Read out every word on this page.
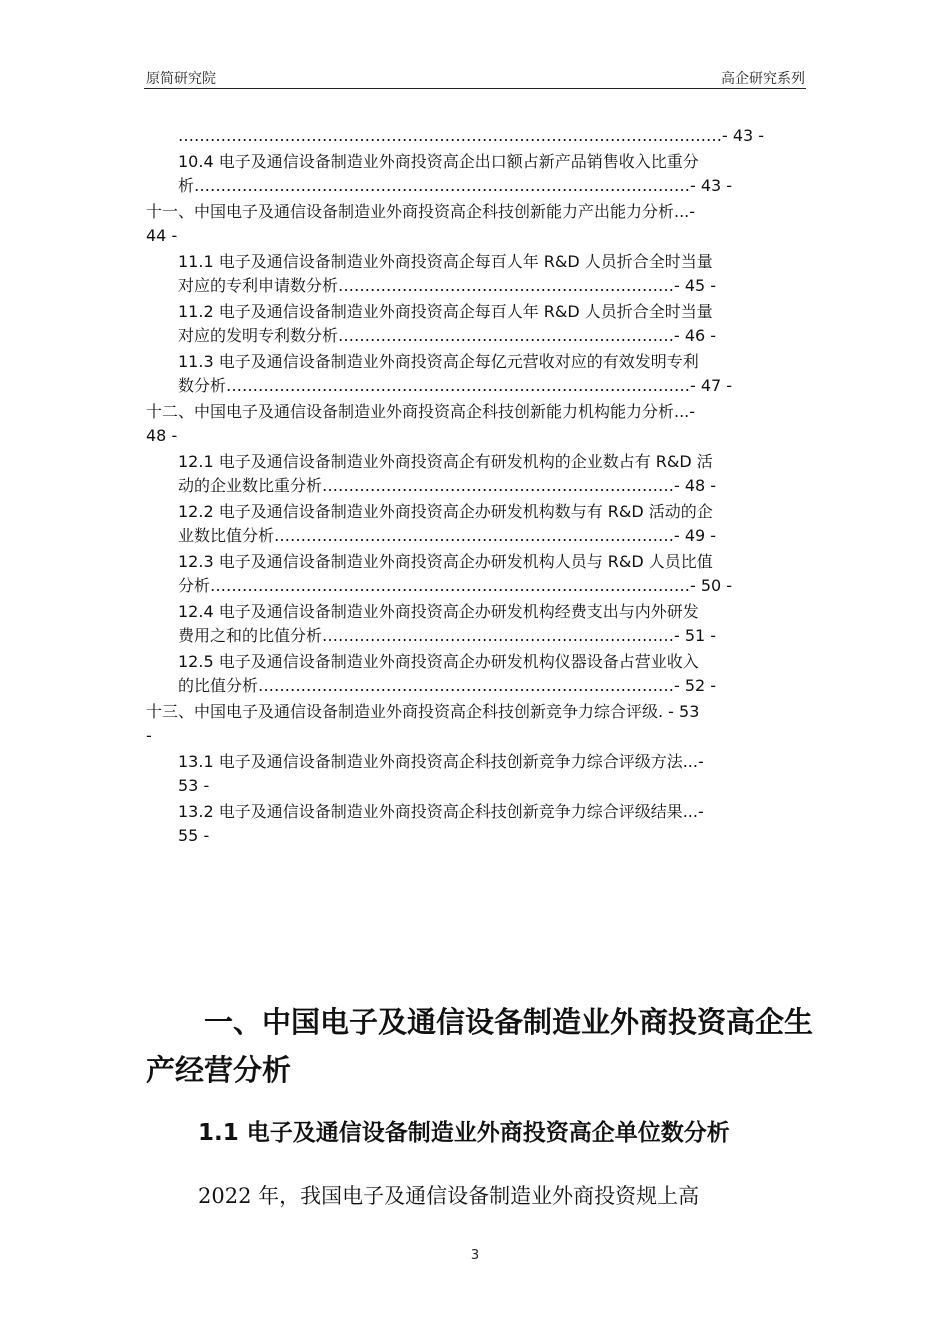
原简研究院	高企研究系列
…………………………………………………………………………………………- 43 -
10.4 电子及通信设备制造业外商投资高企出口额占新产品销售收入比重分
析…………………………………………………………………………………- 43 -
十一、中国电子及通信设备制造业外商投资高企科技创新能力产出能力分析...-
44 -
11.1 电子及通信设备制造业外商投资高企每百人年 R&D 人员折合全时当量
对应的专利申请数分析………………………………………………………- 45 -
11.2 电子及通信设备制造业外商投资高企每百人年 R&D 人员折合全时当量
对应的发明专利数分析………………………………………………………- 46 -
11.3 电子及通信设备制造业外商投资高企每亿元营收对应的有效发明专利
数分析……………………………………………………………………………- 47 -
十二、中国电子及通信设备制造业外商投资高企科技创新能力机构能力分析...-
48 -
12.1 电子及通信设备制造业外商投资高企有研发机构的企业数占有 R&D 活
动的企业数比重分析…………………………………………………………- 48 -
12.2 电子及通信设备制造业外商投资高企办研发机构数与有 R&D 活动的企
业数比值分析…………………………………………………………………- 49 -
12.3 电子及通信设备制造业外商投资高企办研发机构人员与 R&D 人员比值
分析………………………………………………………………………………- 50 -
12.4 电子及通信设备制造业外商投资高企办研发机构经费支出与内外研发
费用之和的比值分析…………………………………………………………- 51 -
12.5 电子及通信设备制造业外商投资高企办研发机构仪器设备占营业收入
的比值分析……………………………………………………………………- 52 -
十三、中国电子及通信设备制造业外商投资高企科技创新竞争力综合评级. - 53
-
13.1 电子及通信设备制造业外商投资高企科技创新竞争力综合评级方法...-
53 -
13.2 电子及通信设备制造业外商投资高企科技创新竞争力综合评级结果...-
55 -
一、中国电子及通信设备制造业外商投资高企生
产经营分析
1.1 电子及通信设备制造业外商投资高企单位数分析
2022 年，我国电子及通信设备制造业外商投资规上高
3
